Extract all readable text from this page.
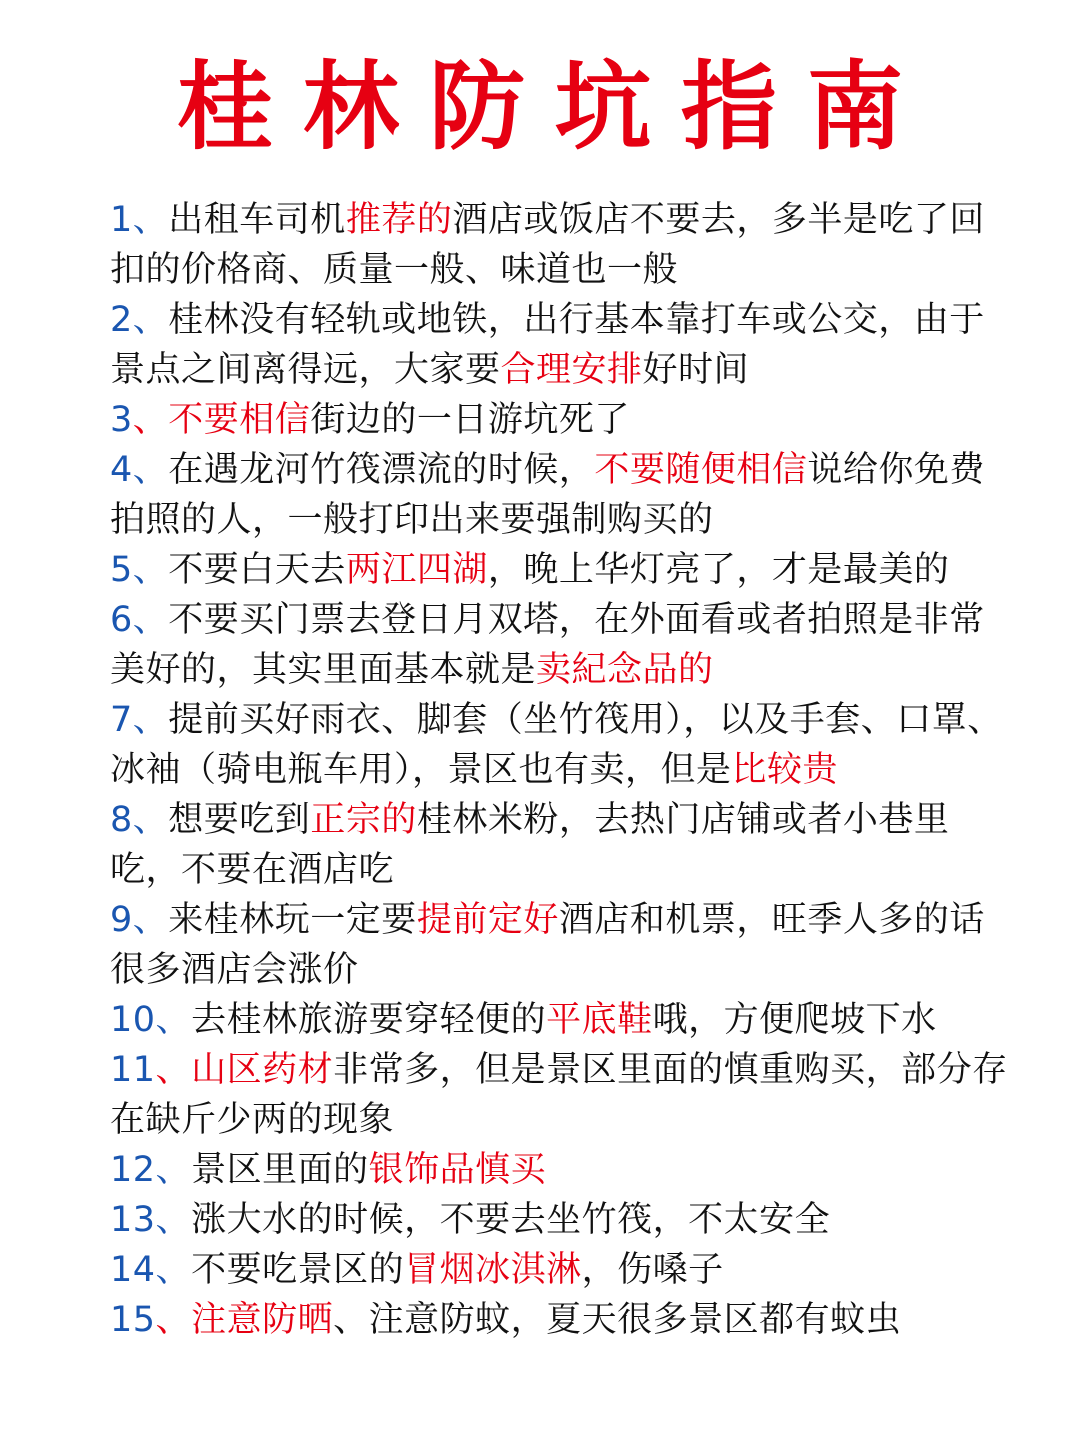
桂林防坑指南
1、出租车司机推荐的酒店或饭店不要去，多半是吃了回扣的价格商、质量一般、味道也一般
2、桂林没有轻轨或地铁，出行基本靠打车或公交，由于景点之间离得远，大家要合理安排好时间
3、不要相信街边的一日游坑死了
4、在遇龙河竹筏漂流的时候，不要随便相信说给你免费拍照的人，一般打印出来要强制购买的
5、不要白天去两江四湖，晚上华灯亮了，才是最美的
6、不要买门票去登日月双塔，在外面看或者拍照是非常美好的，其实里面基本就是卖紀念品的
7、提前买好雨衣、脚套（坐竹筏用），以及手套、口罩、冰袖（骑电瓶车用），景区也有卖，但是比较贵
8、想要吃到正宗的桂林米粉，去热门店铺或者小巷里吃，不要在酒店吃
9、来桂林玩一定要提前定好酒店和机票，旺季人多的话很多酒店会涨价
10、去桂林旅游要穿轻便的平底鞋哦，方便爬坡下水
11、山区药材非常多，但是景区里面的慎重购买，部分存在缺斤少两的现象
12、景区里面的银饰品慎买
13、涨大水的时候，不要去坐竹筏，不太安全
14、不要吃景区的冒烟冰淇淋，伤嗓子
15、注意防晒、注意防蚊，夏天很多景区都有蚊虫
